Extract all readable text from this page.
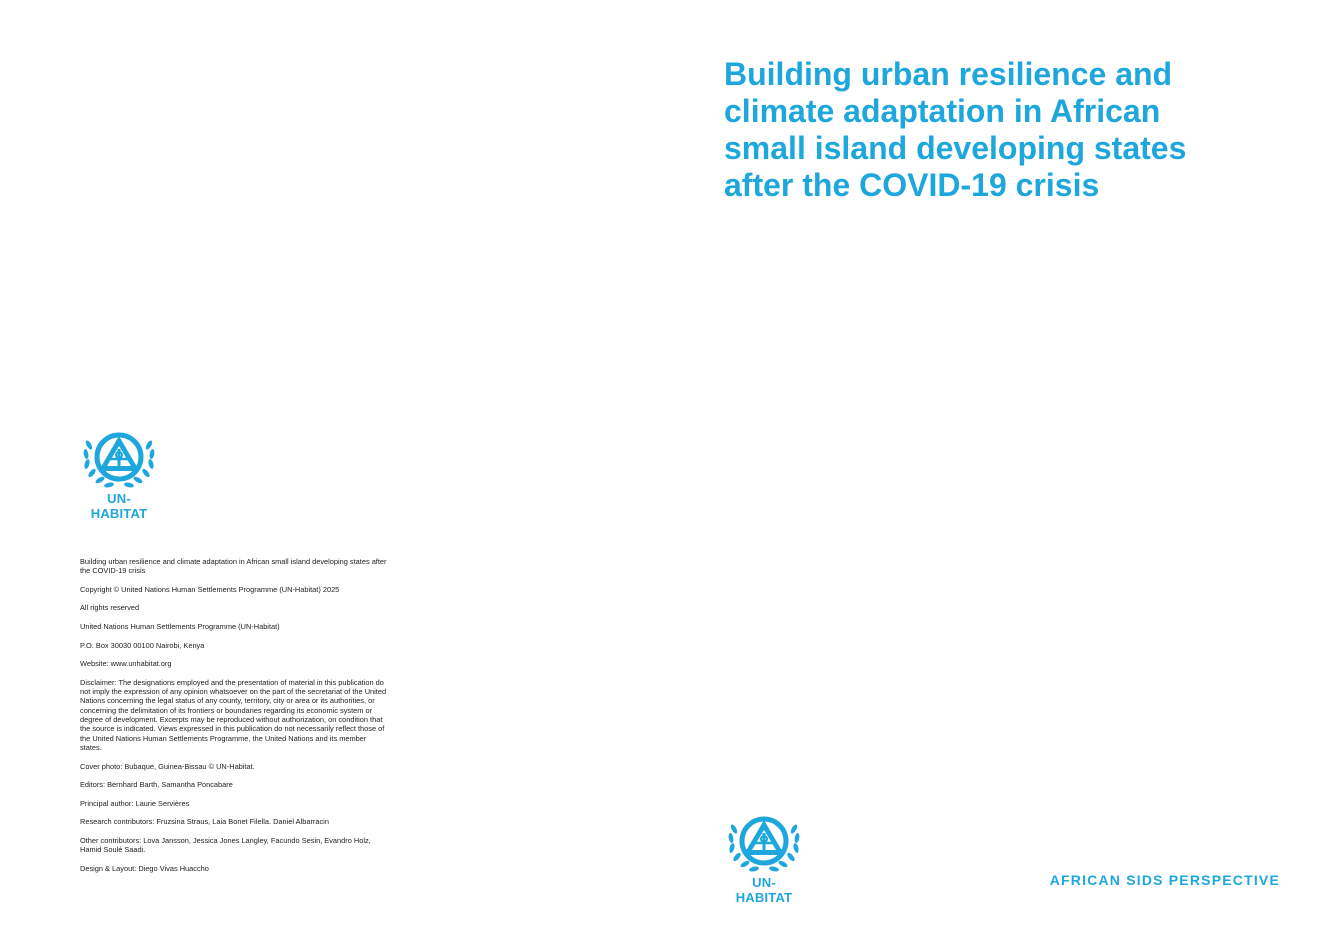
UN-HABITAT

Building urban resilience and climate adaptation in African small island developing states after the COVID-19 crisis

Copyright © United Nations Human Settlements Programme (UN-Habitat) 2025

All rights reserved

United Nations Human Settlements Programme (UN-Habitat)

P.O. Box 30030 00100 Nairobi, Kenya

Website: www.unhabitat.org

Disclaimer: The designations employed and the presentation of material in this publication do not imply the expression of any opinion whatsoever on the part of the secretariat of the United Nations concerning the legal status of any county, territory, city or area or its authorities, or concerning the delimitation of its frontiers or boundaries regarding its economic system or degree of development. Excerpts may be reproduced without authorization, on condition that the source is indicated. Views expressed in this publication do not necessarily reflect those of the United Nations Human Settlements Programme, the United Nations and its member states.

Cover photo: Bubaque, Guinea-Bissau © UN-Habitat.

Editors: Bernhard Barth, Samantha Poncabare

Principal author: Laurie Servières

Research contributors: Fruzsina Straus, Laia Bonet Filella. Daniel Albarracin

Other contributors: Lova Jansson, Jessica Jones Langley, Facundo Sesin, Evandro Holz, Hamid Soulé Saadi.

Design & Layout: Diego Vivas Huaccho

Building urban resilience and climate adaptation in African small island developing states after the COVID-19 crisis
UN-HABITAT
AFRICAN SIDS PERSPECTIVE
